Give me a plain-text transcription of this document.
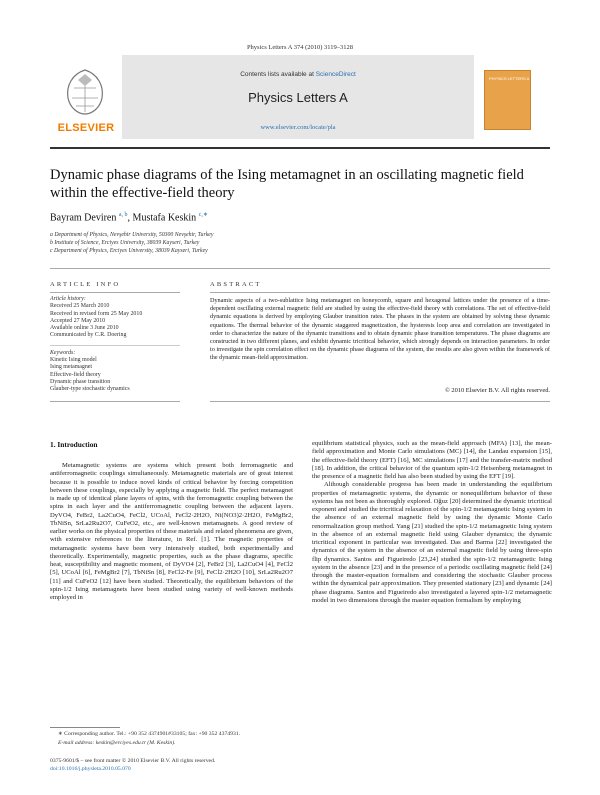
Physics Letters A 374 (2010) 3119–3128
ELSEVIER
Contents lists available at ScienceDirect
Physics Letters A
www.elsevier.com/locate/pla
PHYSICS LETTERS A
Dynamic phase diagrams of the Ising metamagnet in an oscillating magnetic field
within the effective-field theory
Bayram Deviren $^{a, b}$, Mustafa Keskin $^{c,∗}$
a Department of Physics, Nevşehir University, 50300 Nevşehir, Turkey
b Institute of Science, Erciyes University, 38039 Kayseri, Turkey
c Department of Physics, Erciyes University, 38039 Kayseri, Turkey
ARTICLE INFO
Article history:
Received 25 March 2010
Received in revised form 25 May 2010
Accepted 27 May 2010
Available online 3 June 2010
Communicated by C.R. Doering
Keywords:
Kinetic Ising model
Ising metamagnet
Effective-field theory
Dynamic phase transition
Glauber-type stochastic dynamics
ABSTRACT
Dynamic aspects of a two-sublattice Ising metamagnet on honeycomb, square and hexagonal lattices under the presence of a time-dependent oscillating external magnetic field are studied by using the effective-field theory with correlations. The set of effective-field dynamic equations is derived by employing Glauber transition rates. The phases in the system are obtained by solving these dynamic equations. The thermal behavior of the dynamic staggered magnetization, the hysteresis loop area and correlation are investigated in order to characterize the nature of the dynamic transitions and to obtain dynamic phase transition temperatures. The phase diagrams are constructed in two different planes, and exhibit dynamic tricritical behavior, which strongly depends on interaction parameters. In order to investigate the spin correlation effect on the dynamic phase diagrams of the system, the results are also given within the framework of the dynamic mean-field approximation.
© 2010 Elsevier B.V. All rights reserved.
1. Introduction
Metamagnetic systems are systems which present both ferromagnetic and antiferromagnetic couplings simultaneously. Metamagnetic materials are of great interest because it is possible to induce novel kinds of critical behavior by forcing competition between these couplings, especially by applying a magnetic field. The perfect metamagnet is made up of identical plane layers of spins, with the ferromagnetic coupling between the spins in each layer and the antiferromagnetic coupling between the adjacent layers. DyVO4, FeBr2, La2CuO4, FeCl2, UCoAl, FeCl2·2H2O, Ni(NO3)2·2H2O, FeMgBr2, TbNiSn, SrLa2Ru2O7, CuFeO2, etc., are well-known metamagnets. A good review of earlier works on the physical properties of these materials and related phenomena are given, with extensive references to the literature, in Ref. [1]. The magnetic properties of metamagnetic systems have been very intensively studied, both experimentally and theoretically. Experimentally, magnetic properties, such as the phase diagrams, specific heat, susceptibility and magnetic moment, of DyVO4 [2], FeBr2 [3], La2CuO4 [4], FeCl2 [5], UCoAl [6], FeMgBr2 [7], TbNiSn [8], FeCl2-Fe [9], FeCl2·2H2O [10], SrLa2Ru2O7 [11] and CuFeO2 [12] have been studied. Theoretically, the equilibrium behaviors of the spin-1/2 Ising metamagnets have been studied using variety of well-known methods employed in
equilibrium statistical physics, such as the mean-field approach (MFA) [13], the mean-field approximation and Monte Carlo simulations (MC) [14], the Landau expansion [15], the effective-field theory (EFT) [16], MC simulations [17] and the transfer-matrix method [18]. In addition, the critical behavior of the quantum spin-1/2 Heisenberg metamagnet in the presence of a magnetic field has also been studied by using the EFT [19].
Although considerable progress has been made in understanding the equilibrium properties of metamagnetic systems, the dynamic or nonequilibrium behavior of these systems has not been as thoroughly explored. Oğuz [20] determined the dynamic tricritical exponent and studied the tricritical relaxation of the spin-1/2 metamagnetic Ising system in the absence of an external magnetic field by using the dynamic Monte Carlo renormalization group method. Yang [21] studied the spin-1/2 metamagnetic Ising system in the absence of an external magnetic field using Glauber dynamics; the dynamic tricritical exponent in particular was investigated. Das and Barma [22] investigated the dynamics of the system in the absence of an external magnetic field by using three-spin flip dynamics. Santos and Figueiredo [23,24] studied the spin-1/2 metamagnetic Ising system in the absence [23] and in the presence of a periodic oscillating magnetic field [24] through the master-equation formalism and considering the stochastic Glauber process within the dynamical pair approximation. They presented stationary [23] and dynamic [24] phase diagrams. Santos and Figueiredo also investigated a layered spin-1/2 metamagnetic model in two dimensions through the master equation formalism by employing
∗ Corresponding author. Tel.: +90 352 4374901#33105; fax: +90 352 4374931.
E-mail address: keskin@erciyes.edu.tr (M. Keskin).
0375-9601/$ – see front matter © 2010 Elsevier B.V. All rights reserved.
doi:10.1016/j.physleta.2010.05.070
